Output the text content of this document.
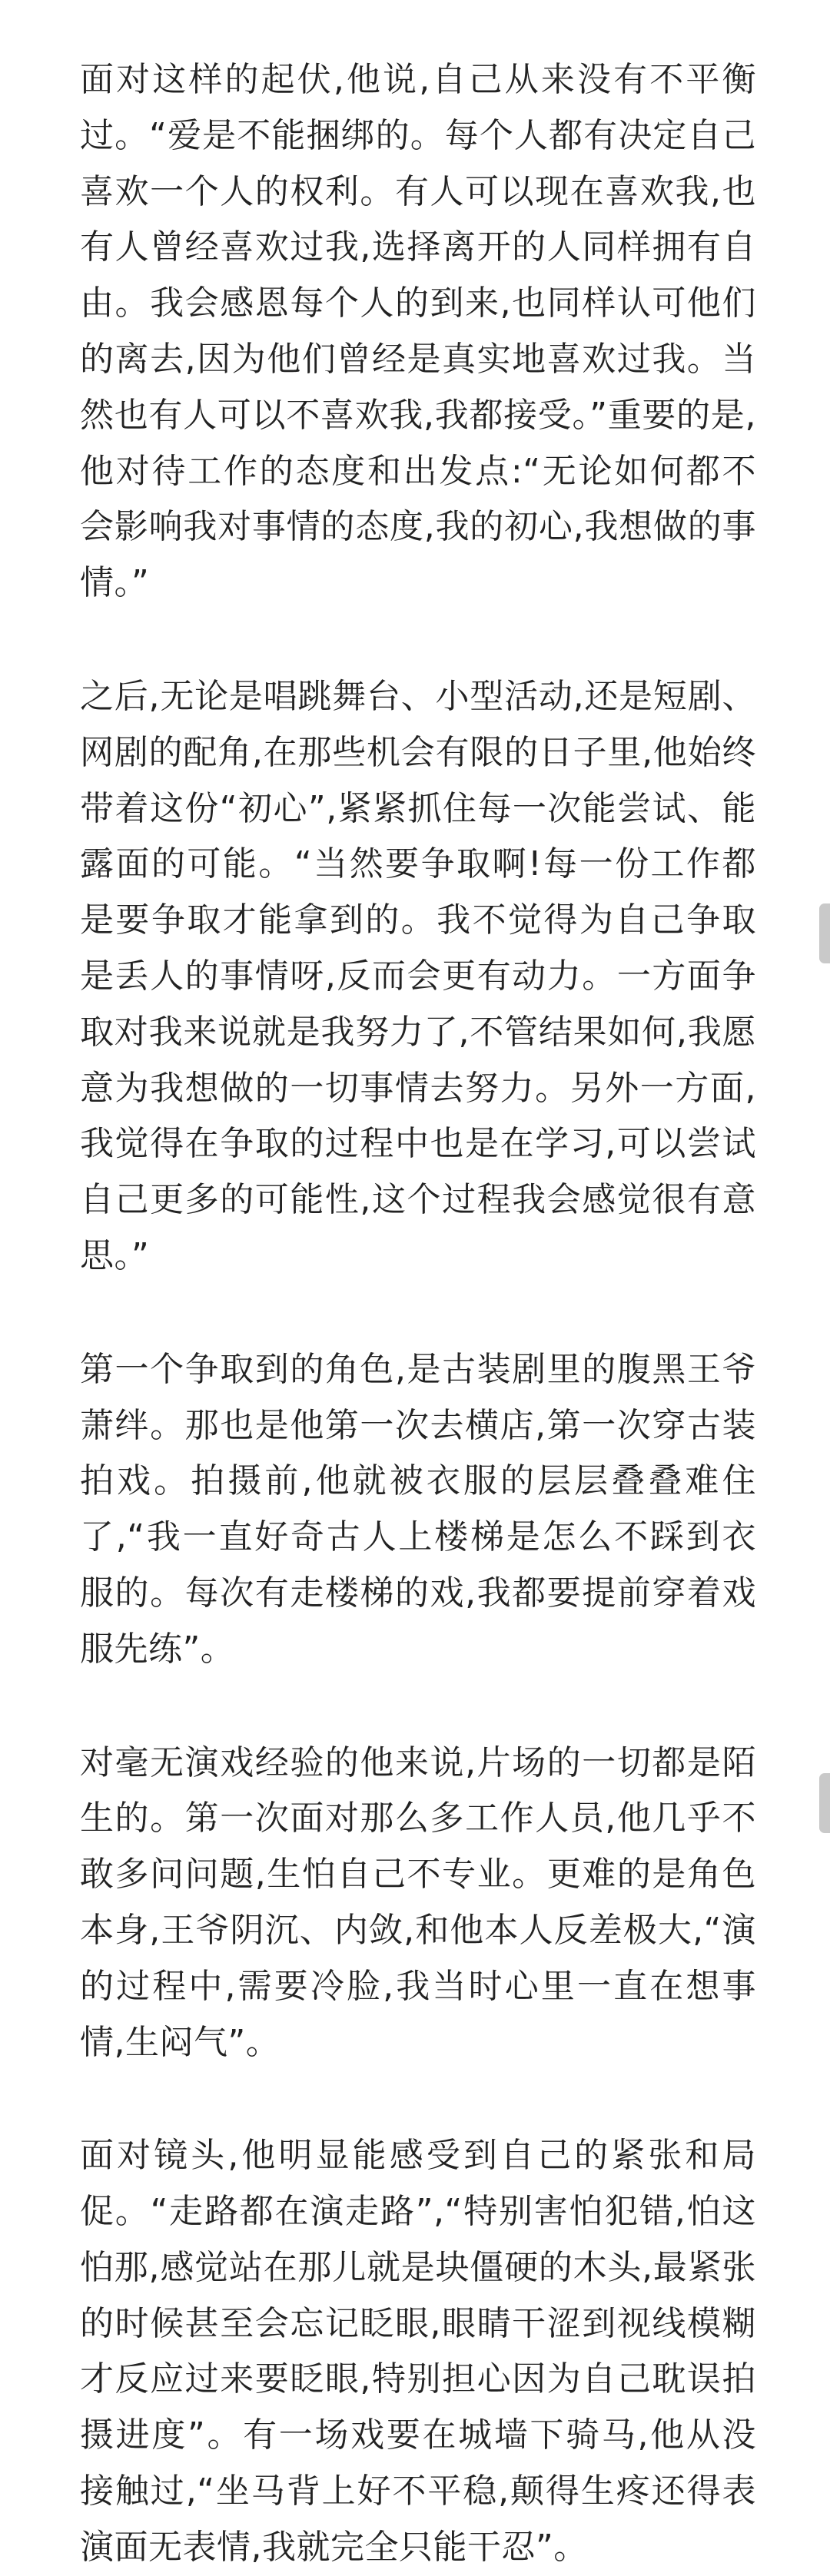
面对这样的起伏,他说,自己从来没有不平衡过。“爱是不能捆绑的。每个人都有决定自己喜欢一个人的权利。有人可以现在喜欢我,也有人曾经喜欢过我,选择离开的人同样拥有自由。我会感恩每个人的到来,也同样认可他们的离去,因为他们曾经是真实地喜欢过我。当然也有人可以不喜欢我,我都接受。”重要的是,他对待工作的态度和出发点:“无论如何都不会影响我对事情的态度,我的初心,我想做的事情。”

之后,无论是唱跳舞台、小型活动,还是短剧、网剧的配角,在那些机会有限的日子里,他始终带着这份“初心”,紧紧抓住每一次能尝试、能露面的可能。“当然要争取啊!每一份工作都是要争取才能拿到的。我不觉得为自己争取是丢人的事情呀,反而会更有动力。一方面争取对我来说就是我努力了,不管结果如何,我愿意为我想做的一切事情去努力。另外一方面,我觉得在争取的过程中也是在学习,可以尝试自己更多的可能性,这个过程我会感觉很有意思。”

第一个争取到的角色,是古装剧里的腹黑王爷萧绊。那也是他第一次去横店,第一次穿古装拍戏。拍摄前,他就被衣服的层层叠叠难住了,“我一直好奇古人上楼梯是怎么不踩到衣服的。每次有走楼梯的戏,我都要提前穿着戏服先练”。

对毫无演戏经验的他来说,片场的一切都是陌生的。第一次面对那么多工作人员,他几乎不敢多问问题,生怕自己不专业。更难的是角色本身,王爷阴沉、内敛,和他本人反差极大,“演的过程中,需要冷脸,我当时心里一直在想事情,生闷气”。

面对镜头,他明显能感受到自己的紧张和局促。“走路都在演走路”,“特别害怕犯错,怕这怕那,感觉站在那儿就是块僵硬的木头,最紧张的时候甚至会忘记眨眼,眼睛干涩到视线模糊才反应过来要眨眼,特别担心因为自己耽误拍摄进度”。有一场戏要在城墙下骑马,他从没接触过,“坐马背上好不平稳,颠得生疼还得表演面无表情,我就完全只能干忍”。
